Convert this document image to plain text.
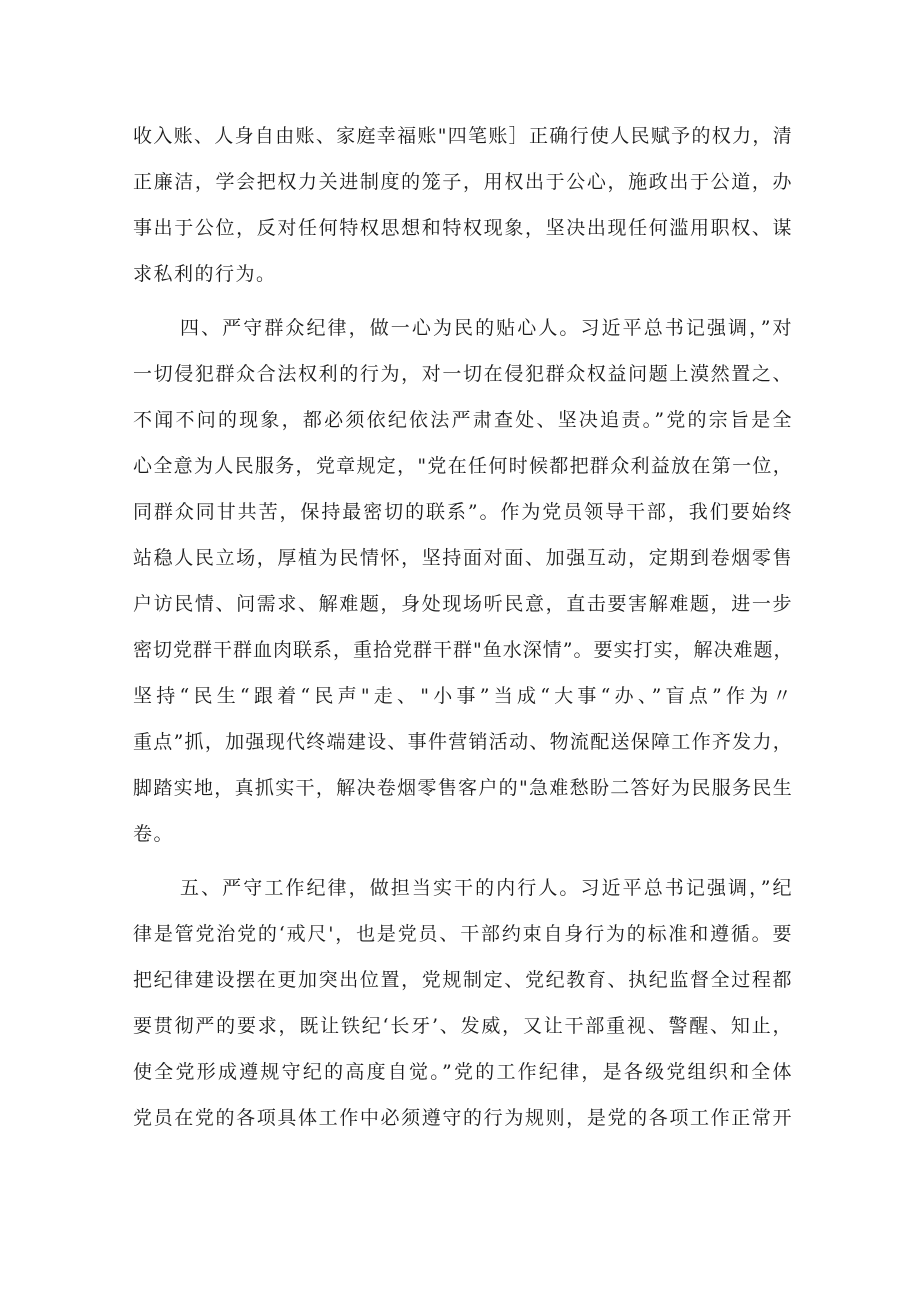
收入账、人身自由账、家庭幸福账"四笔账］正确行使人民赋予的权力，清
正廉洁，学会把权力关进制度的笼子，用权出于公心，施政出于公道，办
事出于公位，反对任何特权思想和特权现象，坚决出现任何滥用职权、谋
求私利的行为。
四、严守群众纪律，做一心为民的贴心人。习近平总书记强调，”对
一切侵犯群众合法权利的行为，对一切在侵犯群众权益问题上漠然置之、
不闻不问的现象，都必须依纪依法严肃查处、坚决追责。”党的宗旨是全
心全意为人民服务，党章规定，"党在任何时候都把群众利益放在第一位，
同群众同甘共苦，保持最密切的联系”。作为党员领导干部，我们要始终
站稳人民立场，厚植为民情怀，坚持面对面、加强互动，定期到卷烟零售
户访民情、问需求、解难题，身处现场听民意，直击要害解难题，进一步
密切党群干群血肉联系，重拾党群干群"鱼水深情”。要实打实，解决难题，
坚持“民生“跟着“民声"走、"小事”当成“大事“办、”盲点”作为〃
重点”抓，加强现代终端建设、事件营销活动、物流配送保障工作齐发力，
脚踏实地，真抓实干，解决卷烟零售客户的"急难愁盼二答好为民服务民生
卷。
五、严守工作纪律，做担当实干的内行人。习近平总书记强调，”纪
律是管党治党的‘戒尺'，也是党员、干部约束自身行为的标准和遵循。要
把纪律建设摆在更加突出位置，党规制定、党纪教育、执纪监督全过程都
要贯彻严的要求，既让铁纪‘长牙’、发威，又让干部重视、警醒、知止，
使全党形成遵规守纪的高度自觉。”党的工作纪律，是各级党组织和全体
党员在党的各项具体工作中必须遵守的行为规则，是党的各项工作正常开
